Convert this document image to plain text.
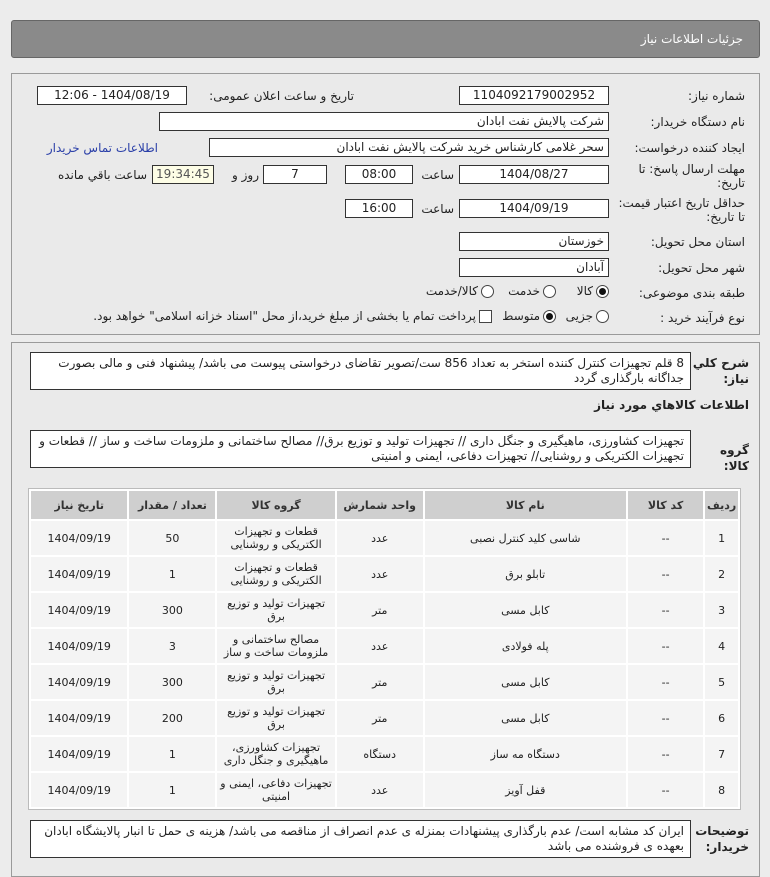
جزئیات اطلاعات نیاز
شماره نیاز:
1104092179002952
تاریخ و ساعت اعلان عمومی:
1404/08/19 - 12:06
نام دستگاه خریدار:
شرکت پالایش نفت ابادان
ایجاد کننده درخواست:
سحر غلامی کارشناس خرید شرکت پالایش نفت ابادان
اطلاعات تماس خریدار
مهلت ارسال پاسخ: تا تاریخ:
1404/08/27
ساعت
08:00
7
روز و
19:34:45
ساعت باقي مانده
حداقل تاریخ اعتبار قیمت: تا تاریخ:
1404/09/19
ساعت
16:00
استان محل تحویل:
خوزستان
شهر محل تحویل:
آبادان
طبقه بندی موضوعی:
کالا
خدمت
کالا/خدمت
نوع فرآیند خرید :
جزیی
متوسط
پرداخت تمام یا بخشی از مبلغ خرید،از محل "اسناد خزانه اسلامی" خواهد بود.
شرح کلي نياز:
8 قلم تجهیزات کنترل کننده استخر به تعداد 856 ست/تصویر تقاضای درخواستی پیوست می باشد/ پیشنهاد فنی و مالی بصورت جداگانه بارگذاری گردد
اطلاعات کالاهاي مورد نياز
گروه کالا:
تجهیزات کشاورزی، ماهیگیری و جنگل داری // تجهیزات تولید و توزیع برق// مصالح ساختمانی و ملزومات ساخت و ساز // قطعات و تجهیزات الکتریکی و روشنایی// تجهیزات دفاعی، ایمنی و امنیتی
ردیف	کد کالا	نام کالا	واحد شمارش	گروه کالا	تعداد / مقدار	تاریخ نیاز
1	--	شاسی کلید کنترل نصبی	عدد	قطعات و تجهیزات الکتریکی و روشنایی	50	1404/09/19
2	--	تابلو برق	عدد	قطعات و تجهیزات الکتریکی و روشنایی	1	1404/09/19
3	--	کابل مسی	متر	تجهیزات تولید و توزیع برق	300	1404/09/19
4	--	پله فولادی	عدد	مصالح ساختمانی و ملزومات ساخت و ساز	3	1404/09/19
5	--	کابل مسی	متر	تجهیزات تولید و توزیع برق	300	1404/09/19
6	--	کابل مسی	متر	تجهیزات تولید و توزیع برق	200	1404/09/19
7	--	دستگاه مه ساز	دستگاه	تجهیزات کشاورزی، ماهیگیری و جنگل داری	1	1404/09/19
8	--	قفل آویز	عدد	تجهیزات دفاعی، ایمنی و امنیتی	1	1404/09/19
توضیحات خریدار:
ایران کد مشابه است/ عدم بارگذاری پیشنهادات بمنزله ی عدم انصراف از مناقصه می باشد/ هزینه ی حمل تا انبار پالایشگاه ابادان بعهده ی فروشنده می باشد
